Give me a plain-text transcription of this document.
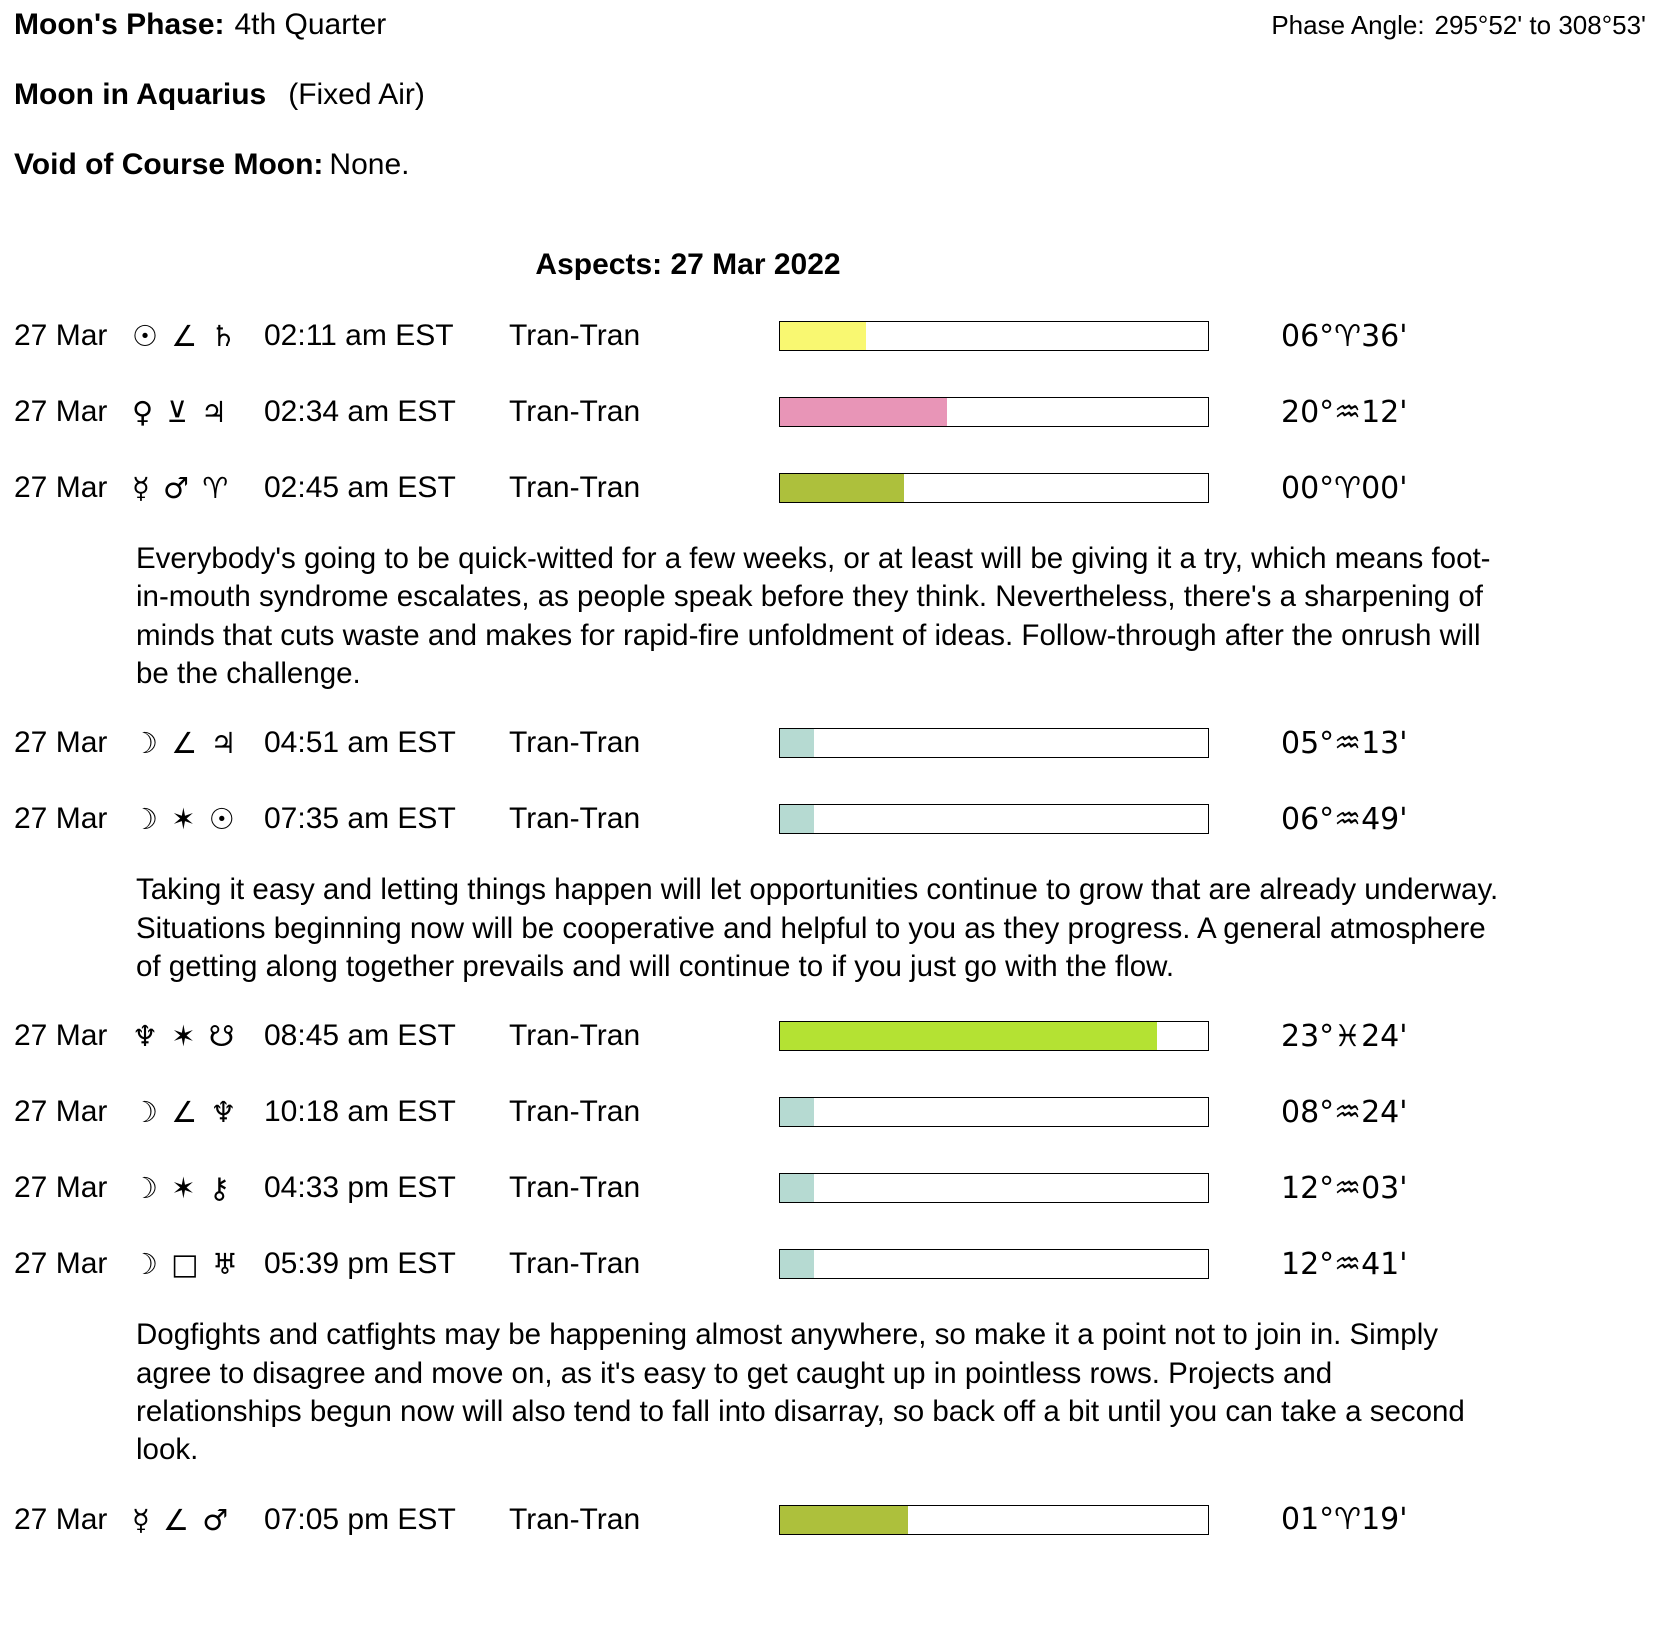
Moon's Phase: 4th Quarter	Phase Angle: 295°52' to 308°53'
Moon in Aquarius (Fixed Air)
Void of Course Moon: None.
Aspects: 27 Mar 2022
27 Mar ☉ ∠ ♄ 02:11 am EST	Tran-Tran	06°♈36'
27 Mar ♀ ⊻ ♃	02:34 am EST	Tran-Tran	20°♒12'
27 Mar ☿ ♂ ♈	02:45 am EST	Tran-Tran	00°♈00'
Everybody's going to be quick-witted for a few weeks, or at least will be giving it a try, which means foot-in-mouth syndrome escalates, as people speak before they think. Nevertheless, there's a sharpening of minds that cuts waste and makes for rapid-fire unfoldment of ideas. Follow-through after the onrush will be the challenge.
27 Mar ☽ ∠ ♃ 04:51 am EST	Tran-Tran	05°♒13'
27 Mar ☽ ✶ ☉ 07:35 am EST	Tran-Tran	06°♒49'
Taking it easy and letting things happen will let opportunities continue to grow that are already underway. Situations beginning now will be cooperative and helpful to you as they progress. A general atmosphere of getting along together prevails and will continue to if you just go with the flow.
27 Mar ♆ ✶ ☋ 08:45 am EST	Tran-Tran	23°♓24'
27 Mar ☽ ∠ ♆ 10:18 am EST	Tran-Tran	08°♒24'
27 Mar ☽ ✶ ⚷	04:33 pm EST	Tran-Tran	12°♒03'
27 Mar ☽ □ ♅ 05:39 pm EST	Tran-Tran	12°♒41'
Dogfights and catfights may be happening almost anywhere, so make it a point not to join in. Simply agree to disagree and move on, as it's easy to get caught up in pointless rows. Projects and relationships begun now will also tend to fall into disarray, so back off a bit until you can take a second look.
27 Mar ☿ ∠ ♂	07:05 pm EST	Tran-Tran	01°♈19'
